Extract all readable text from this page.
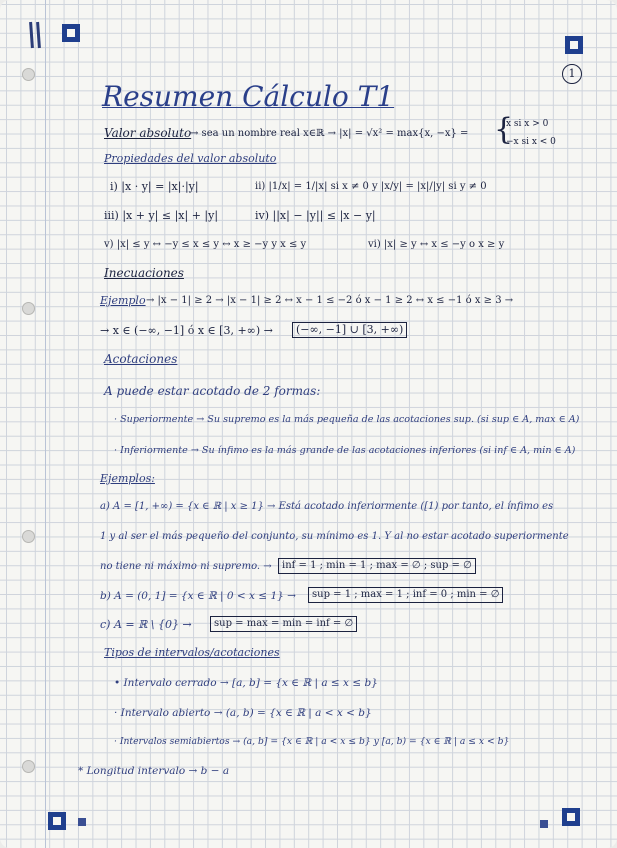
1
Resumen Cálculo T1
Valor absoluto
→ sea un nombre real x∈ℝ → |x| = √x² = max{x, −x} = {
x si x > 0
−x si x < 0
Propiedades del valor absoluto
i) |x · y| = |x|·|y|	ii) |1/x| = 1/|x| si x ≠ 0 y |x/y| = |x|/|y| si y ≠ 0
iii) |x + y| ≤ |x| + |y|	iv) ||x| − |y|| ≤ |x − y|
v) |x| ≤ y ↔ −y ≤ x ≤ y ↔ x ≥ −y y x ≤ y	vi) |x| ≥ y ↔ x ≤ −y o x ≥ y
Inecuaciones
Ejemplo → |x − 1| ≥ 2 → |x − 1| ≥ 2 ↔ x − 1 ≤ −2 ó x − 1 ≥ 2 ↔ x ≤ −1 ó x ≥ 3 →
→ x ∈ (−∞, −1] ó x ∈ [3, +∞) →	(−∞, −1] ∪ [3, +∞)
Acotaciones
A puede estar acotado de 2 formas:
· Superiormente → Su supremo es la más pequeña de las acotaciones sup. (si sup ∈ A, max ∈ A)
· Inferiormente → Su ínfimo es la más grande de las acotaciones inferiores (si inf ∈ A, min ∈ A)
Ejemplos:
a) A = [1, +∞) = {x ∈ ℝ | x ≥ 1} → Está acotado inferiormente ([1) por tanto, el ínfimo es
1 y al ser el más pequeño del conjunto, su mínimo es 1. Y al no estar acotado superiormente
no tiene ni máximo ni supremo. →	inf = 1 ; min = 1 ; max = ∅ ; sup = ∅
b) A = (0, 1] = {x ∈ ℝ | 0 < x ≤ 1} →	sup = 1 ; max = 1 ; inf = 0 ; min = ∅
c) A = ℝ \ {0} →	sup = max = min = inf = ∅
Tipos de intervalos/acotaciones
• Intervalo cerrado → [a, b] = {x ∈ ℝ | a ≤ x ≤ b}
· Intervalo abierto → (a, b) = {x ∈ ℝ | a < x < b}
· Intervalos semiabiertos → (a, b] = {x ∈ ℝ | a < x ≤ b} y [a, b) = {x ∈ ℝ | a ≤ x < b}
* Longitud intervalo → b − a
